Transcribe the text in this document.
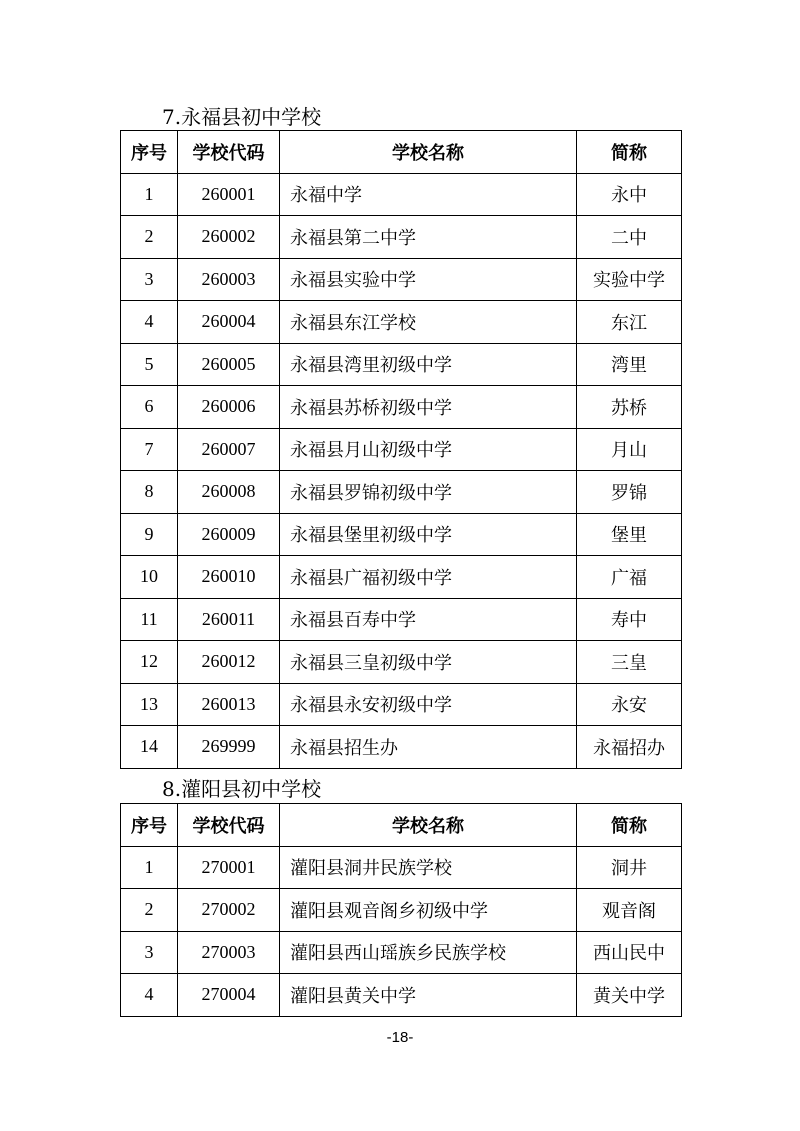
7.永福县初中学校
序号	学校代码	学校名称	简称
1	260001	永福中学	永中
2	260002	永福县第二中学	二中
3	260003	永福县实验中学	实验中学
4	260004	永福县东江学校	东江
5	260005	永福县湾里初级中学	湾里
6	260006	永福县苏桥初级中学	苏桥
7	260007	永福县月山初级中学	月山
8	260008	永福县罗锦初级中学	罗锦
9	260009	永福县堡里初级中学	堡里
10	260010	永福县广福初级中学	广福
11	260011	永福县百寿中学	寿中
12	260012	永福县三皇初级中学	三皇
13	260013	永福县永安初级中学	永安
14	269999	永福县招生办	永福招办
8.灌阳县初中学校
序号	学校代码	学校名称	简称
1	270001	灌阳县洞井民族学校	洞井
2	270002	灌阳县观音阁乡初级中学	观音阁
3	270003	灌阳县西山瑶族乡民族学校	西山民中
4	270004	灌阳县黄关中学	黄关中学
-18-
